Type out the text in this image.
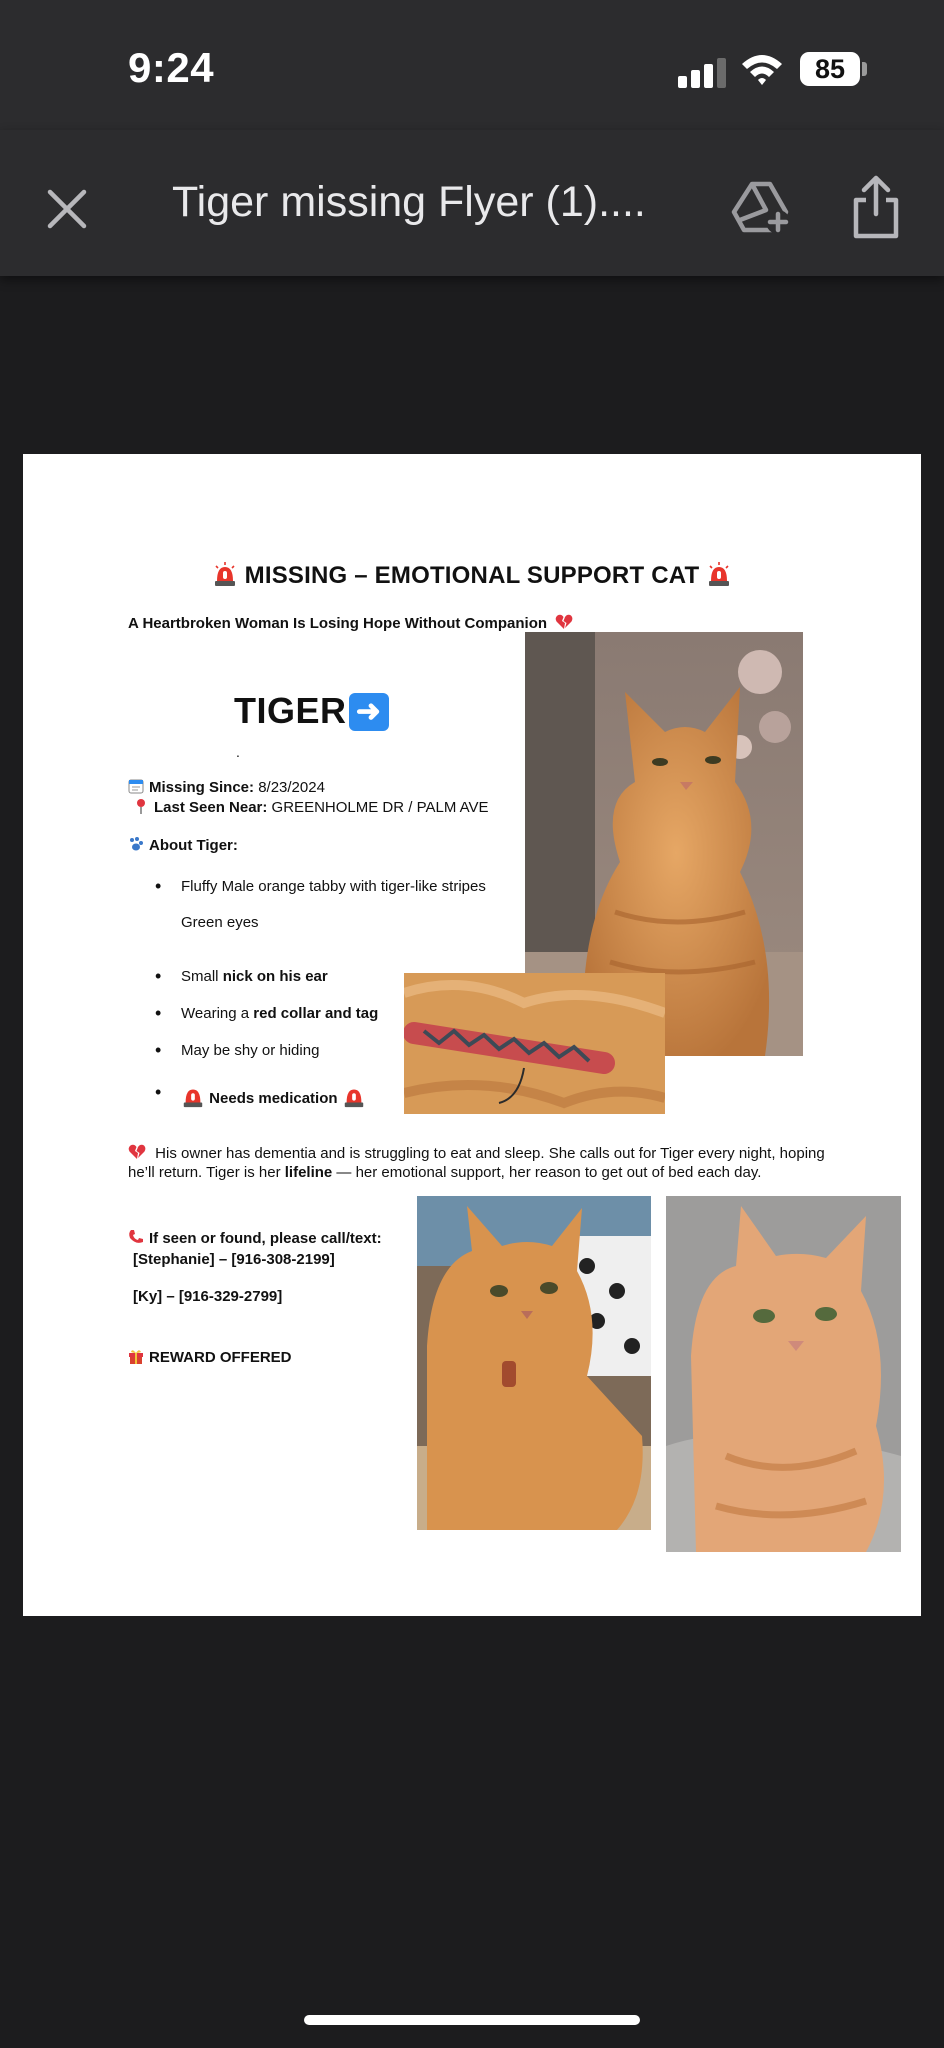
9:24	85
Tiger missing Flyer (1)....
MISSING – EMOTIONAL SUPPORT CAT
A Heartbroken Woman Is Losing Hope Without Companion
TIGER ➜
.
Missing Since: 8/23/2024
Last Seen Near: GREENHOLME DR / PALM AVE
About Tiger:
• Fluffy Male orange tabby with tiger-like stripes
Green eyes
• Small nick on his ear
• Wearing a red collar and tag
• May be shy or hiding
•	Needs medication
His owner has dementia and is struggling to eat and sleep. She calls out for Tiger every night, hoping he’ll return. Tiger is her lifeline — her emotional support, her reason to get out of bed each day.
If seen or found, please call/text:
[Stephanie] – [916-308-2199]
[Ky] – [916-329-2799]
REWARD OFFERED
